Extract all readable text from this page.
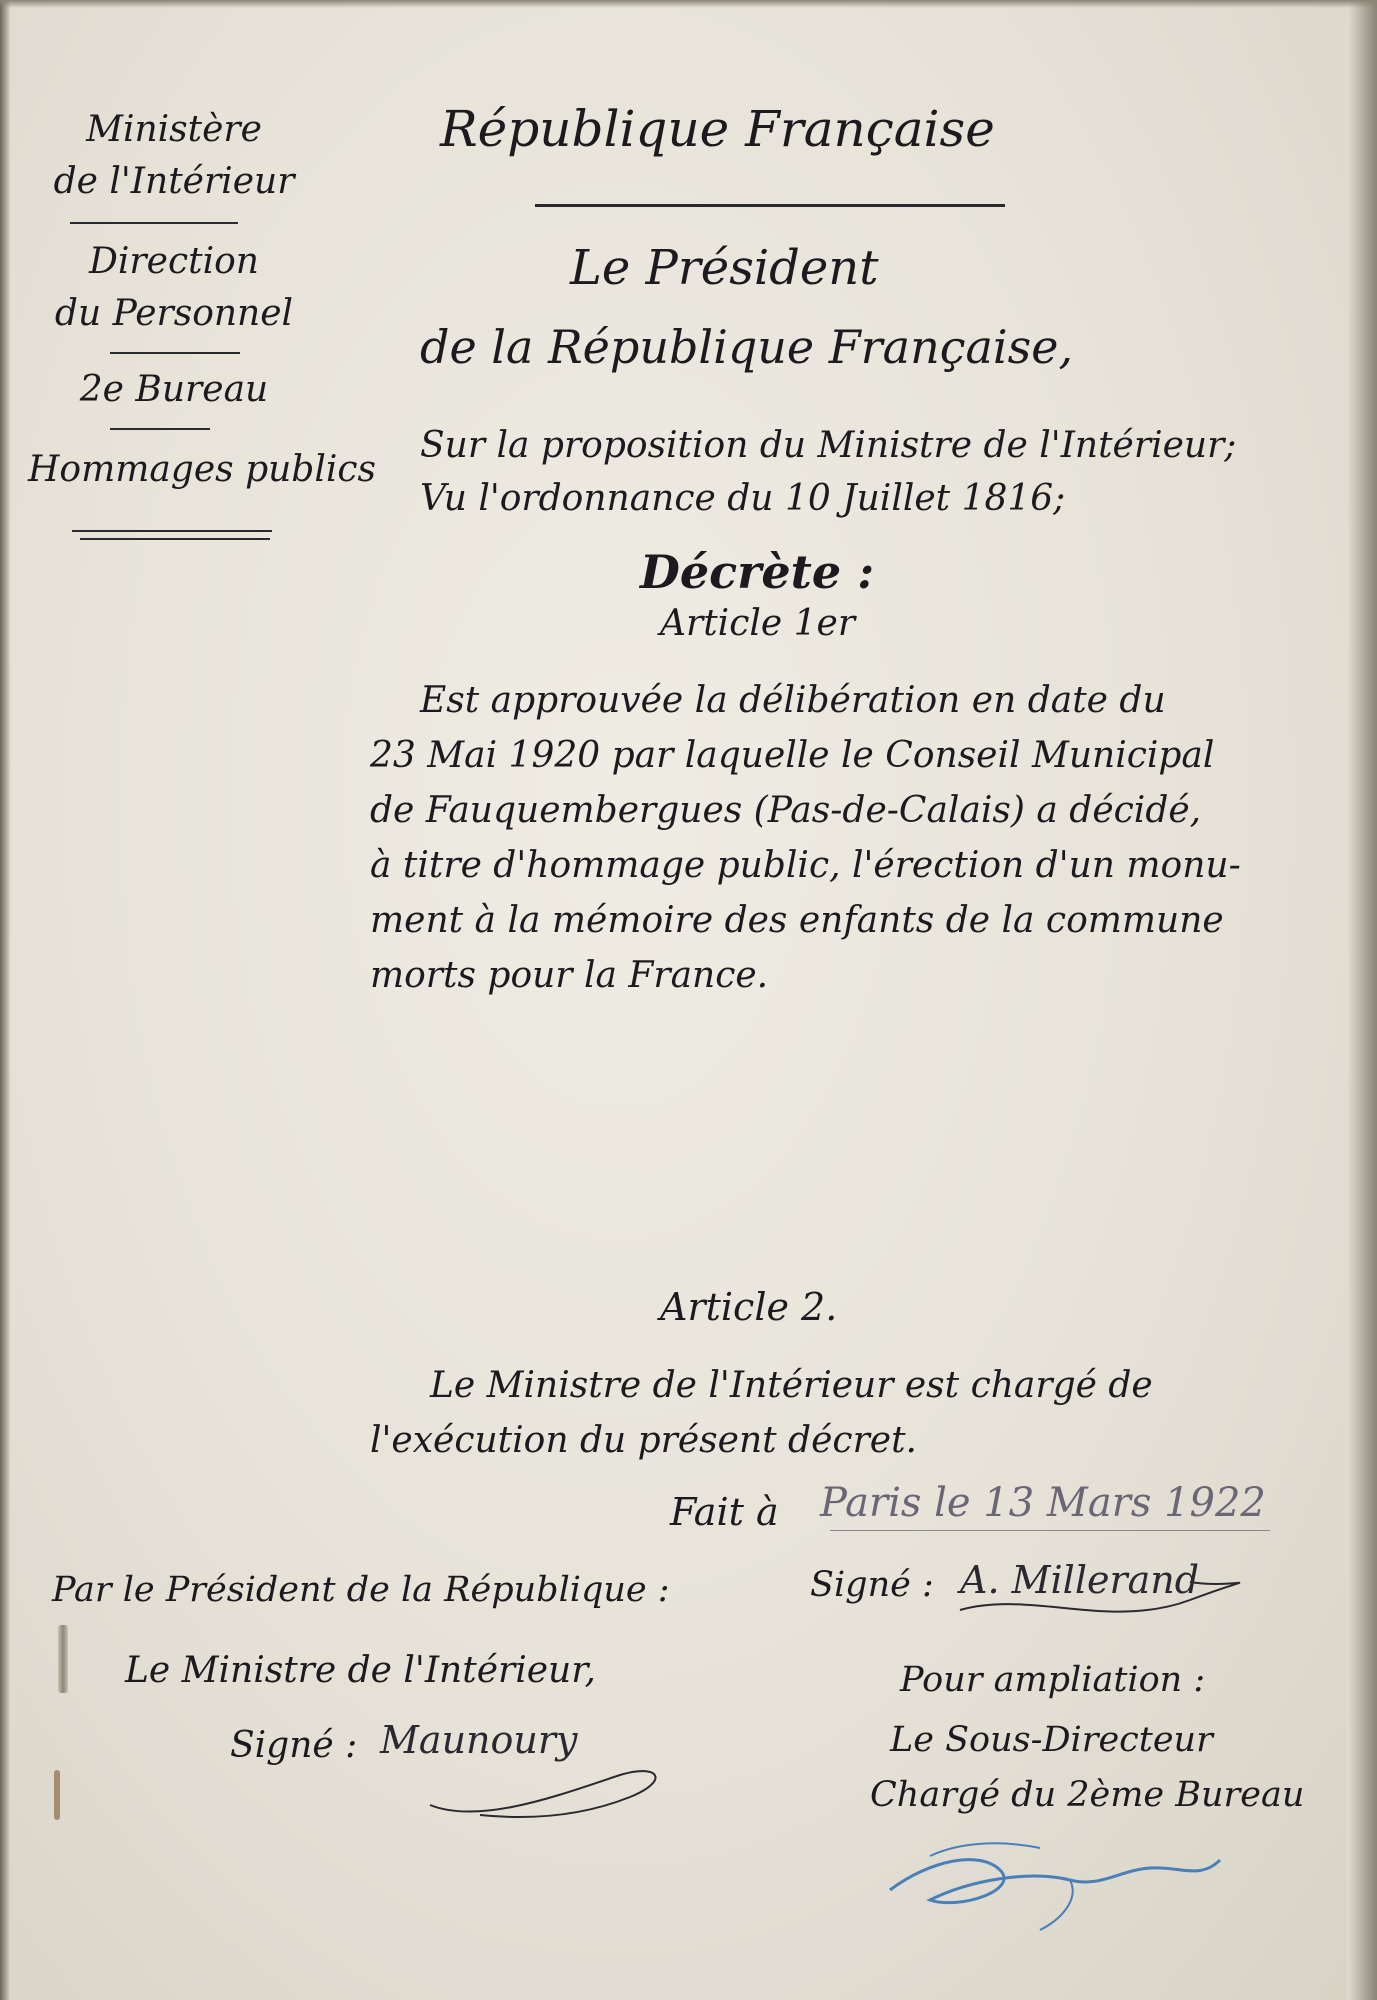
Ministère
de l'Intérieur
Direction
du Personnel
2e Bureau
Hommages publics
République Française
Le Président
de la République Française,
Sur la proposition du Ministre de l'Intérieur;
Vu l'ordonnance du 10 Juillet 1816;
Décrète :
Article 1er
Est approuvée la délibération en date du
23 Mai 1920 par laquelle le Conseil Municipal
de Fauquembergues (Pas-de-Calais) a décidé,
à titre d'hommage public, l'érection d'un monu-
ment à la mémoire des enfants de la commune
morts pour la France.
Article 2.
Le Ministre de l'Intérieur est chargé de
l'exécution du présent décret.
Fait à Paris le 13 Mars 1922
Par le Président de la République :	Signé : A. Millerand
Le Ministre de l'Intérieur,
Signé : Maunoury
Pour ampliation :
Le Sous-Directeur
Chargé du 2ème Bureau
